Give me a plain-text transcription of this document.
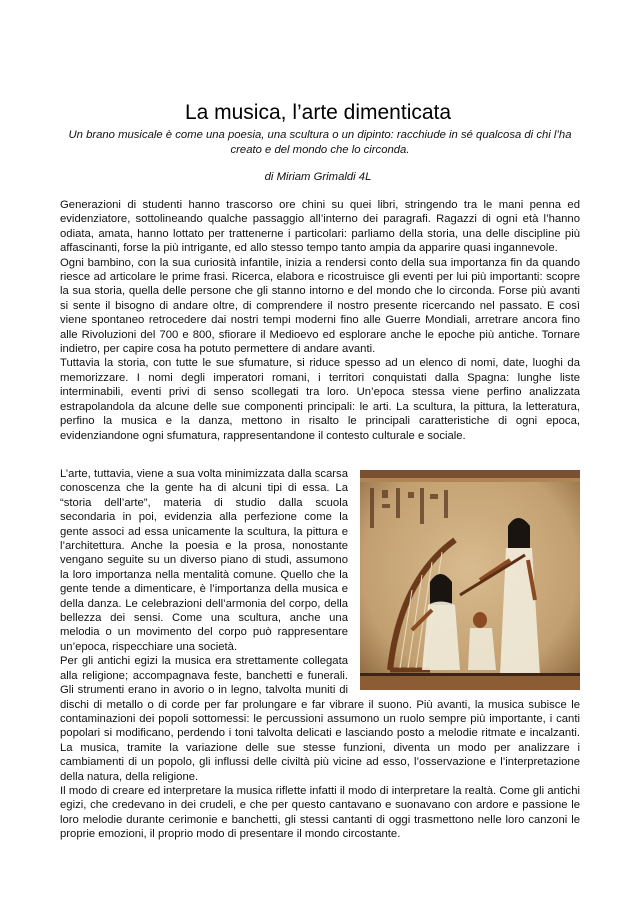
La musica, l’arte dimenticata
Un brano musicale è come una poesia, una scultura o un dipinto: racchiude in sé qualcosa di chi l’ha creato e del mondo che lo circonda.
di Miriam Grimaldi 4L

Generazioni di studenti hanno trascorso ore chini su quei libri, stringendo tra le mani penna ed evidenziatore, sottolineando qualche passaggio all’interno dei paragrafi. Ragazzi di ogni età l’hanno odiata, amata, hanno lottato per trattenerne i particolari: parliamo della storia, una delle discipline più affascinanti, forse la più intrigante, ed allo stesso tempo tanto ampia da apparire quasi ingannevole.

Ogni bambino, con la sua curiosità infantile, inizia a rendersi conto della sua importanza fin da quando riesce ad articolare le prime frasi. Ricerca, elabora e ricostruisce gli eventi per lui più importanti: scopre la sua storia, quella delle persone che gli stanno intorno e del mondo che lo circonda. Forse più avanti si sente il bisogno di andare oltre, di comprendere il nostro presente ricercando nel passato. E così viene spontaneo retrocedere dai nostri tempi moderni fino alle Guerre Mondiali, arretrare ancora fino alle Rivoluzioni del 700 e 800, sfiorare il Medioevo ed esplorare anche le epoche più antiche. Tornare indietro, per capire cosa ha potuto permettere di andare avanti.

Tuttavia la storia, con tutte le sue sfumature, si riduce spesso ad un elenco di nomi, date, luoghi da memorizzare. I nomi degli imperatori romani, i territori conquistati dalla Spagna: lunghe liste interminabili, eventi privi di senso scollegati tra loro. Un’epoca stessa viene perfino analizzata estrapolandola da alcune delle sue componenti principali: le arti. La scultura, la pittura, la letteratura, perfino la musica e la danza, mettono in risalto le principali caratteristiche di ogni epoca, evidenziandone ogni sfumatura, rappresentandone il contesto culturale e sociale.

L’arte, tuttavia, viene a sua volta minimizzata dalla scarsa conoscenza che la gente ha di alcuni tipi di essa. La “storia dell’arte”, materia di studio dalla scuola secondaria in poi, evidenzia alla perfezione come la gente associ ad essa unicamente la scultura, la pittura e l’architettura. Anche la poesia e la prosa, nonostante vengano seguite su un diverso piano di studi, assumono la loro importanza nella mentalità comune. Quello che la gente tende a dimenticare, è l’importanza della musica e della danza. Le celebrazioni dell’armonia del corpo, della bellezza dei sensi. Come una scultura, anche una melodia o un movimento del corpo può rappresentare un’epoca, rispecchiare una società.

Per gli antichi egizi la musica era strettamente collegata alla religione; accompagnava feste, banchetti e funerali. Gli strumenti erano in avorio o in legno, talvolta muniti di dischi di metallo o di corde per far prolungare e far vibrare il suono. Più avanti, la musica subisce le contaminazioni dei popoli sottomessi: le percussioni assumono un ruolo sempre più importante, i canti popolari si modificano, perdendo i toni talvolta delicati e lasciando posto a melodie ritmate e incalzanti. La musica, tramite la variazione delle sue stesse funzioni, diventa un modo per analizzare i cambiamenti di un popolo, gli influssi delle civiltà più vicine ad esso, l’osservazione e l’interpretazione della natura, della religione.

Il modo di creare ed interpretare la musica riflette infatti il modo di interpretare la realtà. Come gli antichi egizi, che credevano in dei crudeli, e che per questo cantavano e suonavano con ardore e passione le loro melodie durante cerimonie e banchetti, gli stessi cantanti di oggi trasmettono nelle loro canzoni le proprie emozioni, il proprio modo di presentare il mondo circostante.
